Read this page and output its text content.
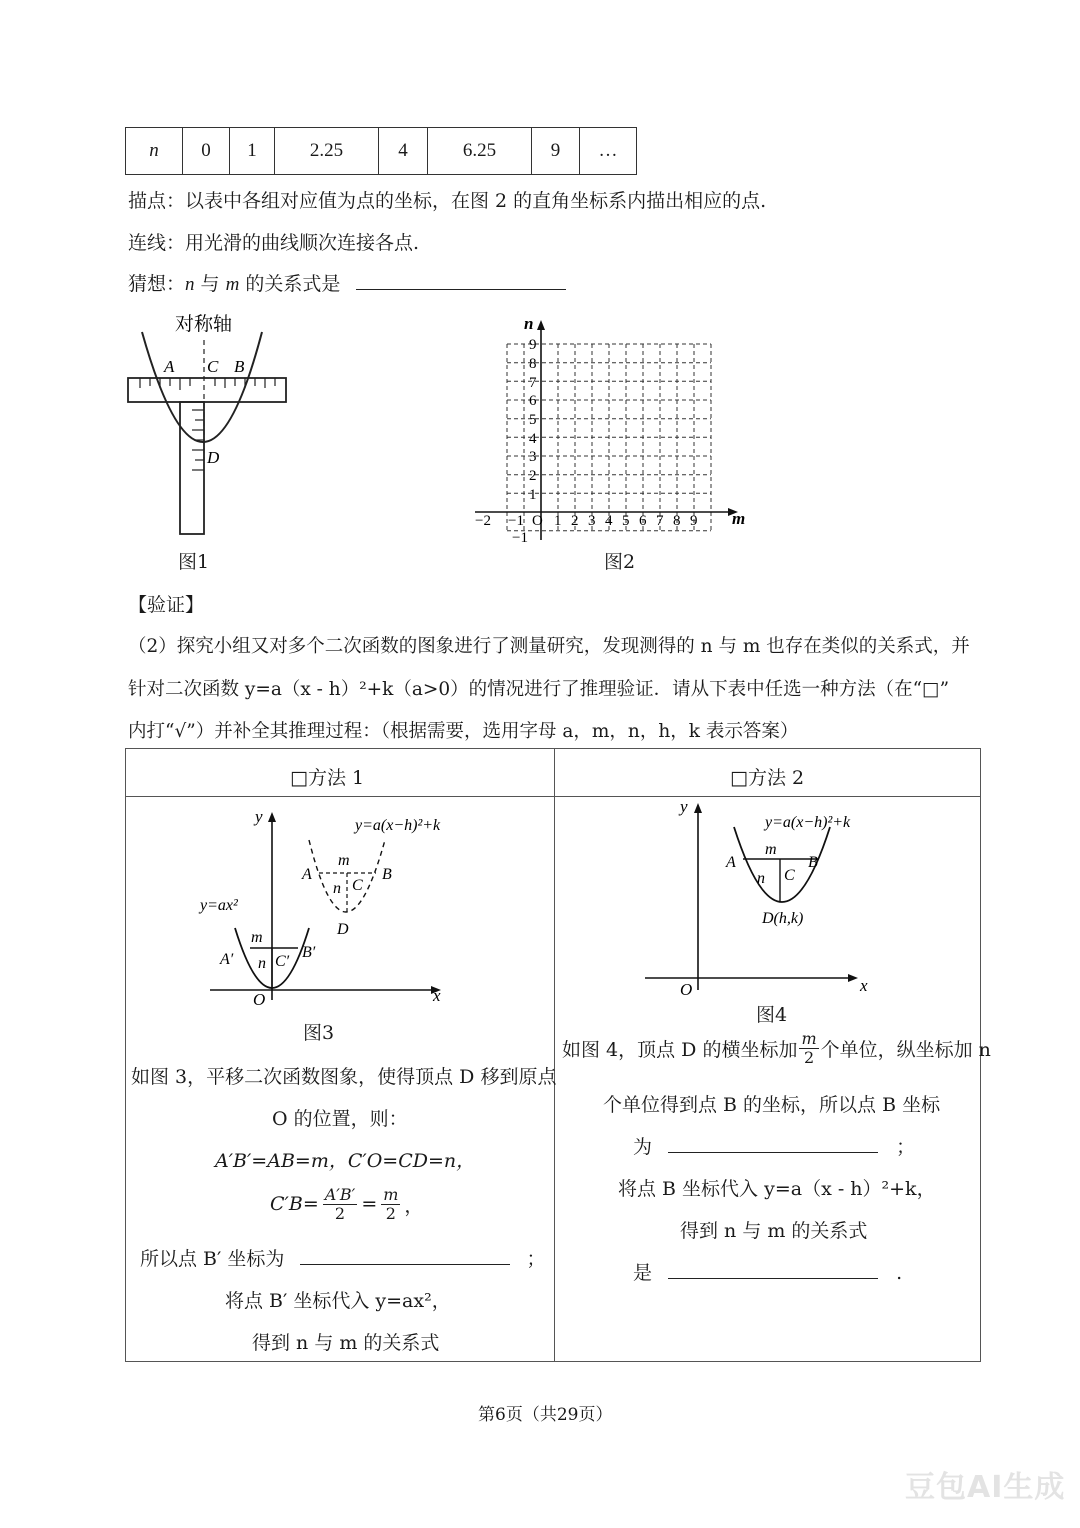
n	0	1	2.25	4	6.25	9	…
描点：以表中各组对应值为点的坐标，在图 2 的直角坐标系内描出相应的点.
连线：用光滑的曲线顺次连接各点.
猜想：n 与 m 的关系式是
对称轴
A C B
D
图1
n
m
9
8
7
6
5
4
3
2
1
−1
−2 −1 O 1 2 3 4 5 6 7 8 9
图2
【验证】
（2）探究小组又对多个二次函数的图象进行了测量研究，发现测得的 n 与 m 也存在类似的关系式，并
针对二次函数 y=a（x - h）²+k（a>0）的情况进行了推理验证．请从下表中任选一种方法（在“□”
内打“√”）并补全其推理过程：（根据需要，选用字母 a，m，n，h，k 表示答案）
□方法 1	□方法 2
y
x
O
m
n
A′	B′
C′
y=ax²
y=a(x−h)²+k
m
n
A	B
C
D
图3
如图 3，平移二次函数图象，使得顶点 D 移到原点
O 的位置，则：
A′B′=AB=m，C′O=CD=n，
$C'B= \frac{A'B'}{2} = \frac{m}{2}$ ，
所以点 B′ 坐标为	；
将点 B′ 坐标代入 y=ax²，
得到 n 与 m 的关系式
y
x
O
y=a(x−h)²+k
m
n C
A	B
D(h,k)
图4
如图 4，顶点 D 的横坐标加 $\frac{m}{2}$ 个单位，纵坐标加 n
个单位得到点 B 的坐标，所以点 B 坐标
为	；
将点 B 坐标代入 y=a（x - h）²+k，
得到 n 与 m 的关系式
是	.
第6页（共29页）
豆包AI生成
